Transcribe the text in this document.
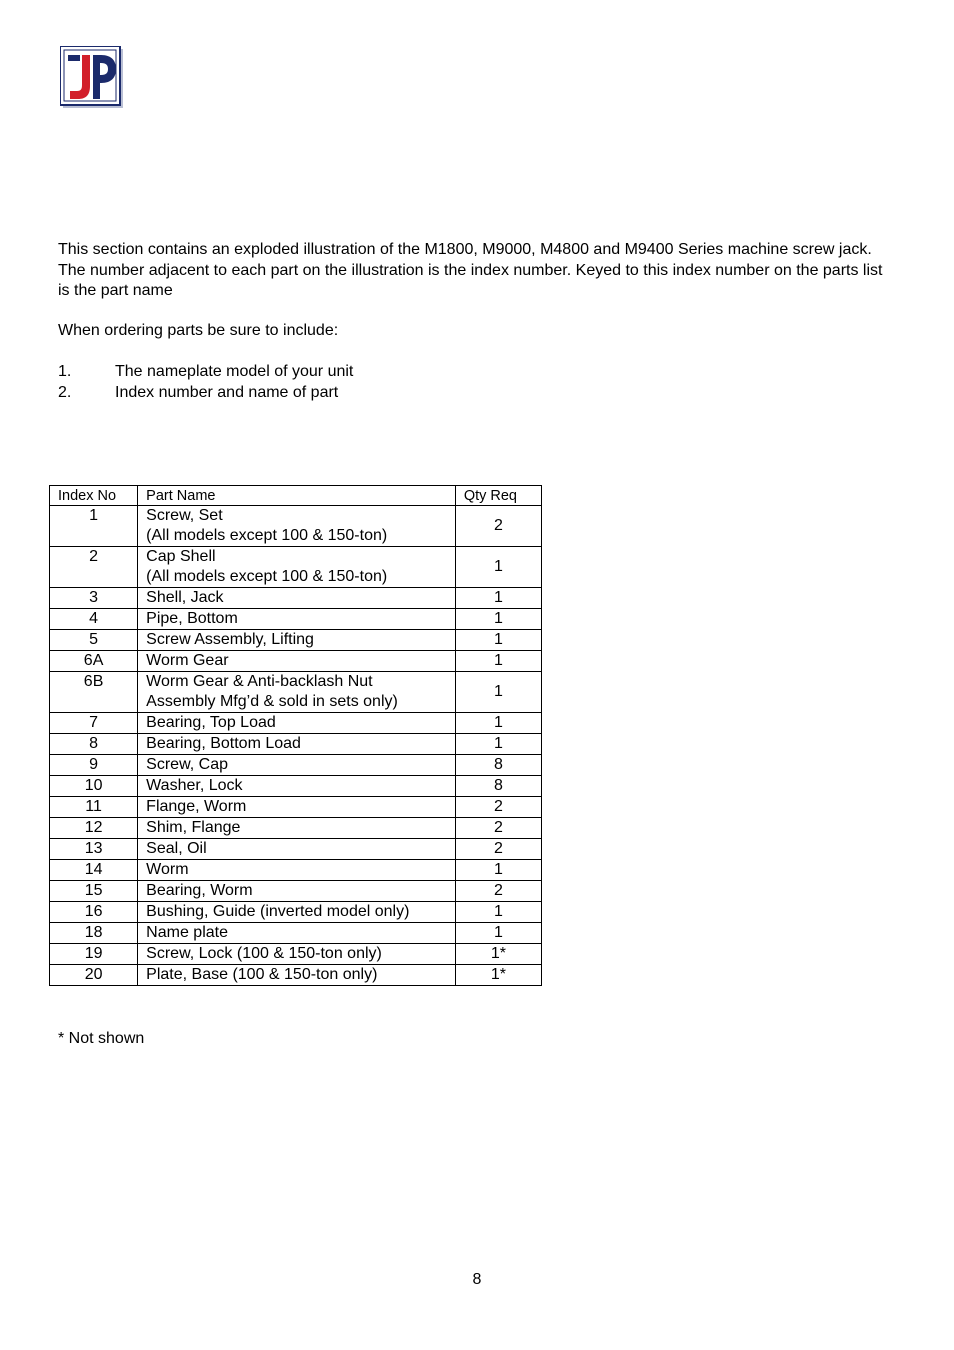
This section contains an exploded illustration of the M1800, M9000, M4800 and M9400 Series machine screw jack. The number adjacent to each part on the illustration is the index number. Keyed to this index number on the parts list is the part name

When ordering parts be sure to include:

1.	The nameplate model of your unit
2.	Index number and name of part
Index No	Part Name	Qty Req
1	Screw, Set
(All models except 100 & 150-ton)	2
2	Cap Shell
(All models except 100 & 150-ton)	1
3	Shell, Jack	1
4	Pipe, Bottom	1
5	Screw Assembly, Lifting	1
6A	Worm Gear	1
6B	Worm Gear & Anti-backlash Nut
Assembly Mfg’d & sold in sets only)	1
7	Bearing, Top Load	1
8	Bearing, Bottom Load	1
9	Screw, Cap	8
10	Washer, Lock	8
11	Flange, Worm	2
12	Shim, Flange	2
13	Seal, Oil	2
14	Worm	1
15	Bearing, Worm	2
16	Bushing, Guide (inverted model only)	1
18	Name plate	1
19	Screw, Lock (100 & 150-ton only)	1*
20	Plate, Base (100 & 150-ton only)	1*
* Not shown
8
